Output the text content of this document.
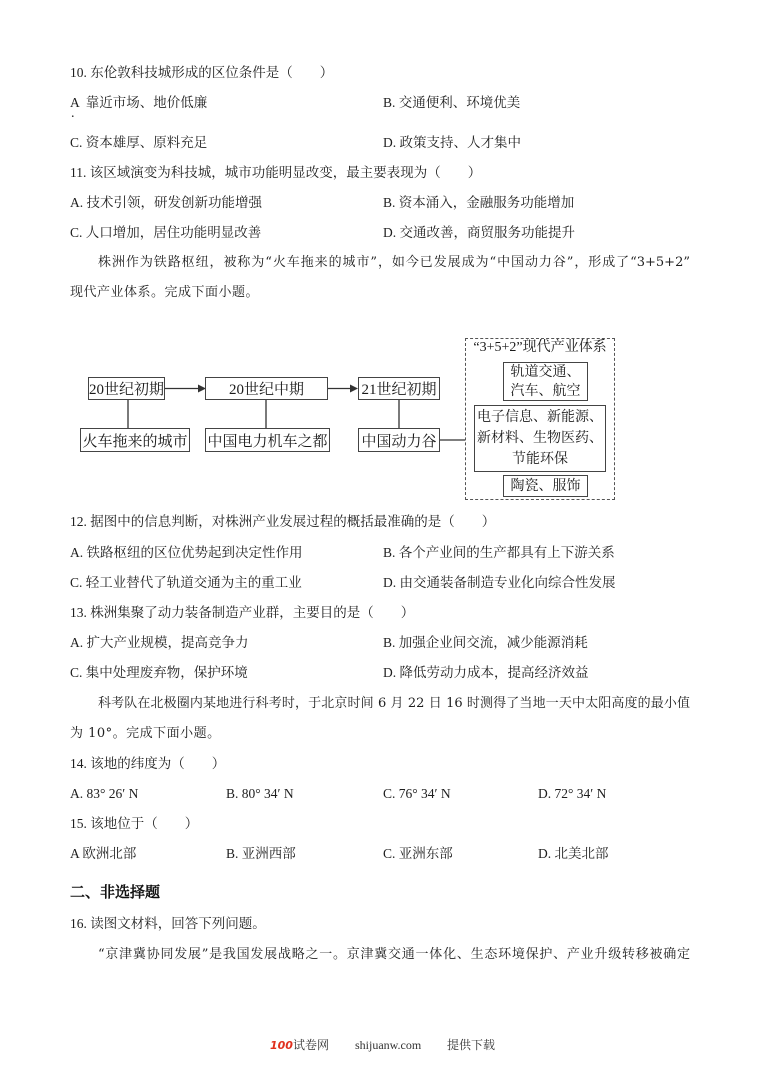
10. 东伦敦科技城形成的区位条件是（　　）
A  靠近市场、地价低廉
.
B. 交通便利、环境优美
C. 资本雄厚、原料充足	D. 政策支持、人才集中
11. 该区域演变为科技城，城市功能明显改变，最主要表现为（　　）
A. 技术引领，研发创新功能增强	B. 资本涌入，金融服务功能增加
C. 人口增加，居住功能明显改善	D. 交通改善，商贸服务功能提升
株洲作为铁路枢纽，被称为“火车拖来的城市”，如今已发展成为“中国动力谷”，形成了“3+5+2”
现代产业体系。完成下面小题。
20世纪初期	20世纪中期	21世纪初期
火车拖来的城市 中国电力机车之都 中国动力谷
“3+5+2”现代产业体系
轨道交通、
汽车、航空
电子信息、新能源、
新材料、生物医药、
节能环保
陶瓷、服饰
12. 据图中的信息判断，对株洲产业发展过程的概括最准确的是（　　）
A. 铁路枢纽的区位优势起到决定性作用	B. 各个产业间的生产都具有上下游关系
C. 轻工业替代了轨道交通为主的重工业	D. 由交通装备制造专业化向综合性发展
13. 株洲集聚了动力装备制造产业群，主要目的是（　　）
A. 扩大产业规模，提高竞争力	B. 加强企业间交流，减少能源消耗
C. 集中处理废弃物，保护环境	D. 降低劳动力成本，提高经济效益
科考队在北极圈内某地进行科考时，于北京时间 6 月 22 日 16 时测得了当地一天中太阳高度的最小值
为 10°。完成下面小题。
14. 该地的纬度为（　　）
A. 83° 26′ N	B. 80° 34′ N	C. 76° 34′ N	D. 72° 34′ N
15. 该地位于（　　）
A 欧洲北部	B. 亚洲西部	C. 亚洲东部	D. 北美北部
二、非选择题
16. 读图文材料，回答下列问题。
“京津冀协同发展”是我国发展战略之一。京津冀交通一体化、生态环境保护、产业升级转移被确定
100试卷网 shijuanw.com 提供下载
